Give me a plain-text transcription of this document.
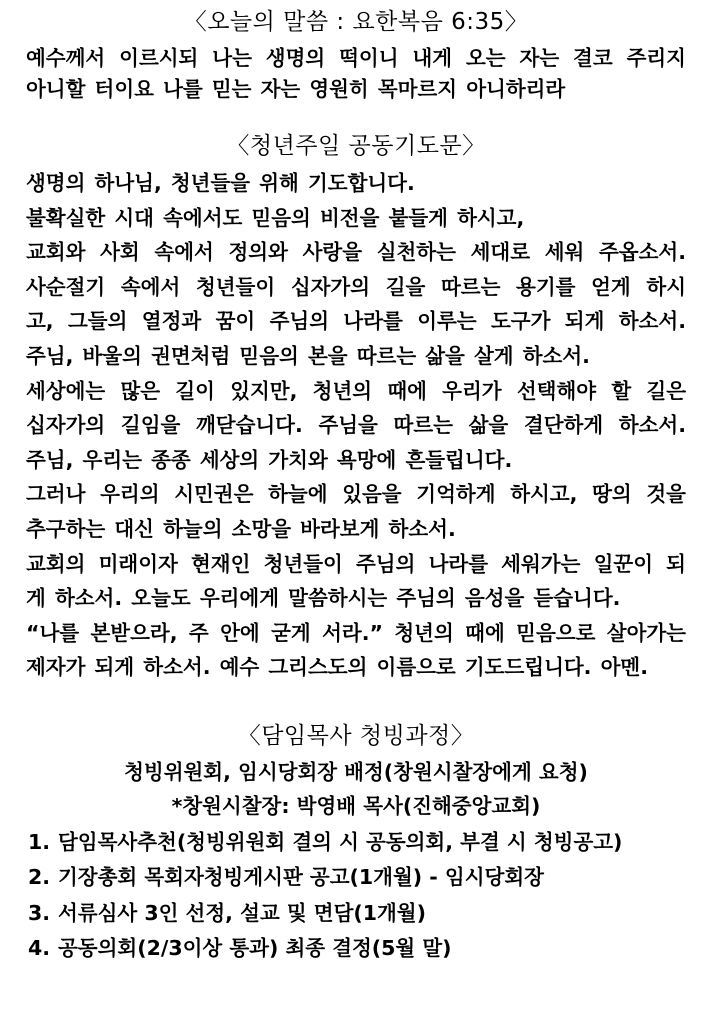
〈오늘의 말씀 : 요한복음 6:35〉
예수께서 이르시되 나는 생명의 떡이니 내게 오는 자는 결코 주리지
아니할 터이요 나를 믿는 자는 영원히 목마르지 아니하리라
〈청년주일 공동기도문〉
생명의 하나님, 청년들을 위해 기도합니다.
불확실한 시대 속에서도 믿음의 비전을 붙들게 하시고,
교회와 사회 속에서 정의와 사랑을 실천하는 세대로 세워 주옵소서.
사순절기 속에서 청년들이 십자가의 길을 따르는 용기를 얻게 하시
고, 그들의 열정과 꿈이 주님의 나라를 이루는 도구가 되게 하소서.
주님, 바울의 권면처럼 믿음의 본을 따르는 삶을 살게 하소서.
세상에는 많은 길이 있지만, 청년의 때에 우리가 선택해야 할 길은
십자가의 길임을 깨닫습니다. 주님을 따르는 삶을 결단하게 하소서.
주님, 우리는 종종 세상의 가치와 욕망에 흔들립니다.
그러나 우리의 시민권은 하늘에 있음을 기억하게 하시고, 땅의 것을
추구하는 대신 하늘의 소망을 바라보게 하소서.
교회의 미래이자 현재인 청년들이 주님의 나라를 세워가는 일꾼이 되
게 하소서. 오늘도 우리에게 말씀하시는 주님의 음성을 듣습니다.
“나를 본받으라, 주 안에 굳게 서라.” 청년의 때에 믿음으로 살아가는
제자가 되게 하소서. 예수 그리스도의 이름으로 기도드립니다. 아멘.
〈담임목사 청빙과정〉
청빙위원회, 임시당회장 배정(창원시찰장에게 요청)
*창원시찰장: 박영배 목사(진해중앙교회)
1. 담임목사추천(청빙위원회 결의 시 공동의회, 부결 시 청빙공고)
2. 기장총회 목회자청빙게시판 공고(1개월) - 임시당회장
3. 서류심사 3인 선정, 설교 및 면담(1개월)
4. 공동의회(2/3이상 통과) 최종 결정(5월 말)
